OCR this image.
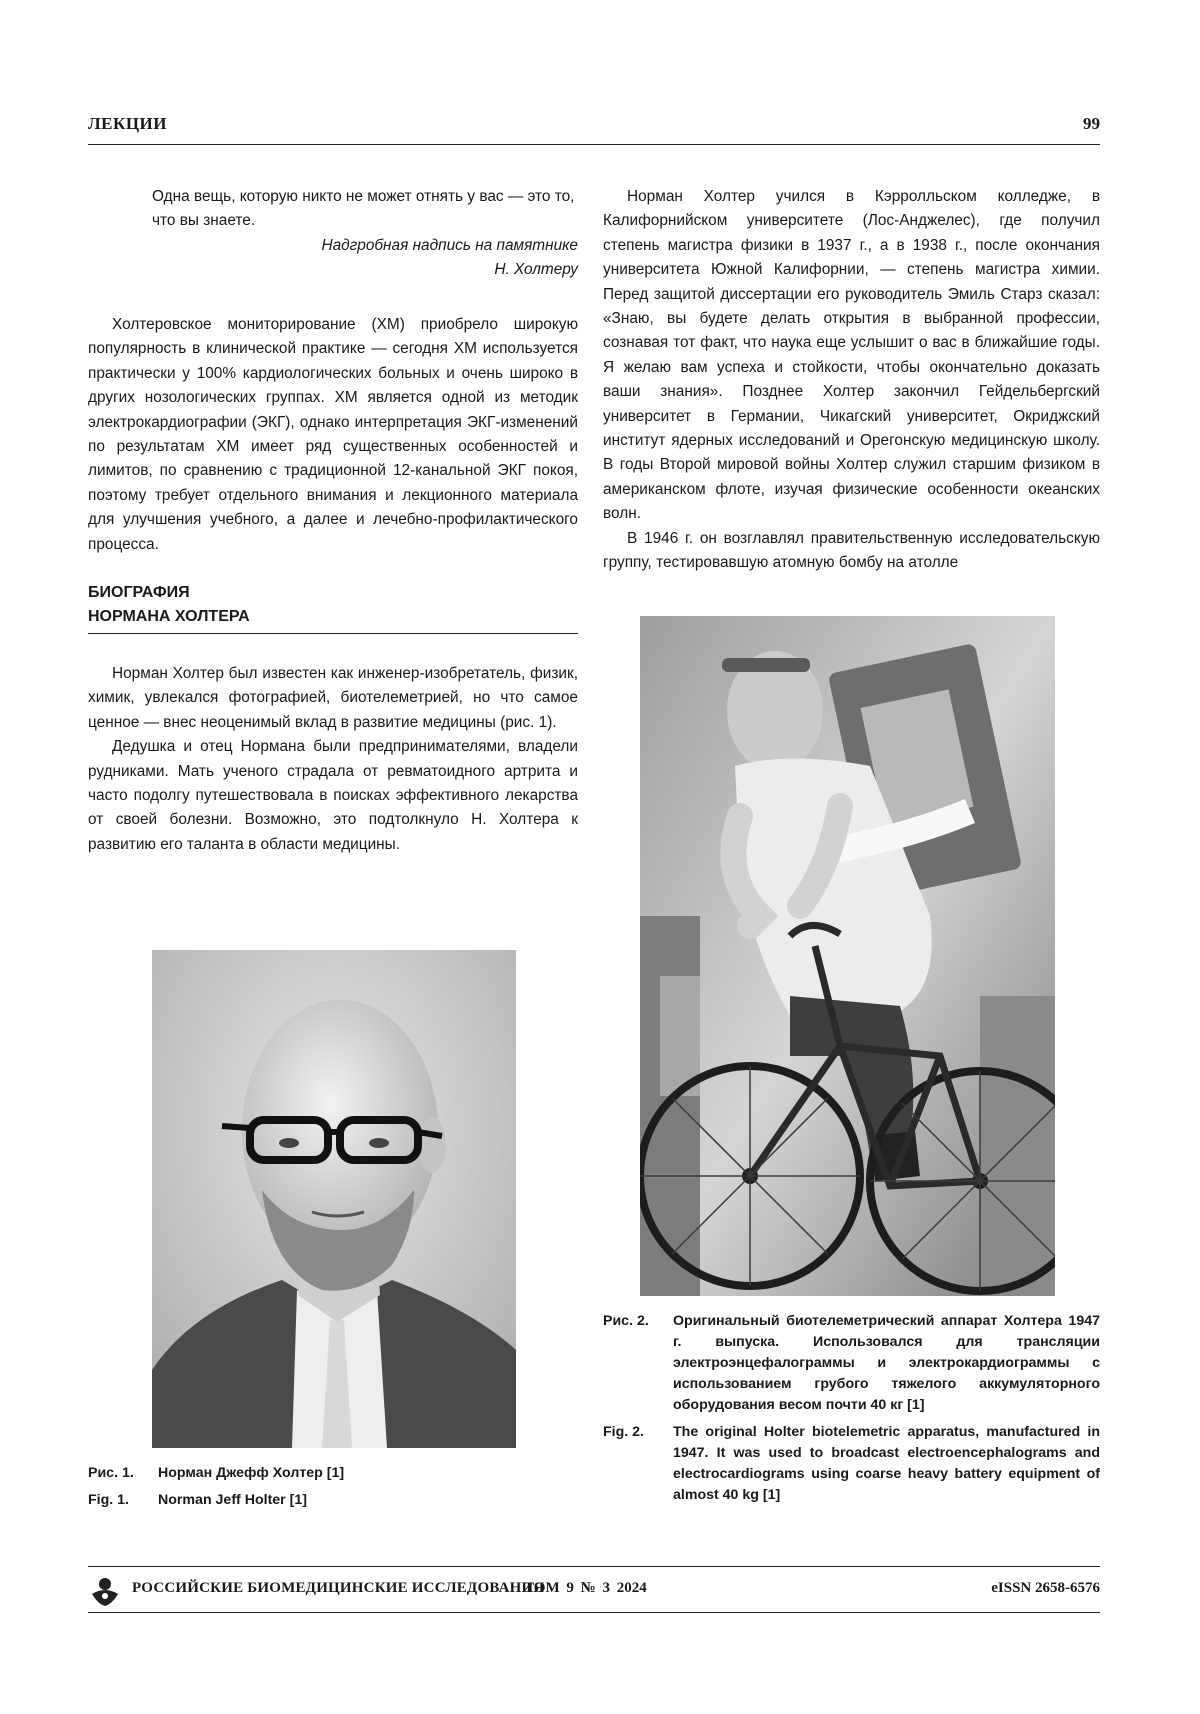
ЛЕКЦИИ	99

Одна вещь, которую никто не может отнять у вас — это то, что вы знаете.

Надгробная надпись на памятнике

Н. Холтеру

Холтеровское мониторирование (ХМ) приобрело широкую популярность в клинической практике — сегодня ХМ используется практически у 100% кардиологических больных и очень широко в других нозологических группах. ХМ является одной из методик электрокардиографии (ЭКГ), однако интерпретация ЭКГ-изменений по результатам ХМ имеет ряд существенных особенностей и лимитов, по сравнению с традиционной 12-канальной ЭКГ покоя, поэтому требует отдельного внимания и лекционного материала для улучшения учебного, а далее и лечебно-профилактического процесса.

БИОГРАФИЯ
НОРМАНА ХОЛТЕРА

Норман Холтер был известен как инженер-изобретатель, физик, химик, увлекался фотографией, биотелеметрией, но что самое ценное — внес неоценимый вклад в развитие медицины (рис. 1).

Дедушка и отец Нормана были предпринимателями, владели рудниками. Мать ученого страдала от ревматоидного артрита и часто подолгу путешествовала в поисках эффективного лекарства от своей болезни. Возможно, это подтолкнуло Н. Холтера к развитию его таланта в области медицины.

Норман Холтер учился в Кэрролльском колледже, в Калифорнийском университете (Лос-Анджелес), где получил степень магистра физики в 1937 г., а в 1938 г., после окончания университета Южной Калифорнии, — степень магистра химии. Перед защитой диссертации его руководитель Эмиль Старз сказал: «Знаю, вы будете делать открытия в выбранной профессии, сознавая тот факт, что наука еще услышит о вас в ближайшие годы. Я желаю вам успеха и стойкости, чтобы окончательно доказать ваши знания». Позднее Холтер закончил Гейдельбергский университет в Германии, Чикагский университет, Окриджский институт ядерных исследований и Орегонскую медицинскую школу. В годы Второй мировой войны Холтер служил старшим физиком в американском флоте, изучая физические особенности океанских волн.

В 1946 г. он возглавлял правительственную исследовательскую группу, тестировавшую атомную бомбу на атолле

Рис. 1.	Норман Джефф Холтер [1]
Fig. 1.	Norman Jeff Holter [1]
Рис. 2.	Оригинальный биотелеметрический аппарат Холтера 1947 г. выпуска. Использовался для трансляции электроэнцефалограммы и электрокардиограммы с использованием грубого тяжелого аккумуляторного оборудования весом почти 40 кг [1]
Fig. 2.	The original Holter biotelemetric apparatus, manufactured in 1947. It was used to broadcast electroencephalograms and electrocardiograms using coarse heavy battery equipment of almost 40 kg [1]
РОССИЙСКИЕ БИОМЕДИЦИНСКИЕ ИССЛЕДОВАНИЯ
ТОМ 9 № 3 2024	eISSN 2658-6576
